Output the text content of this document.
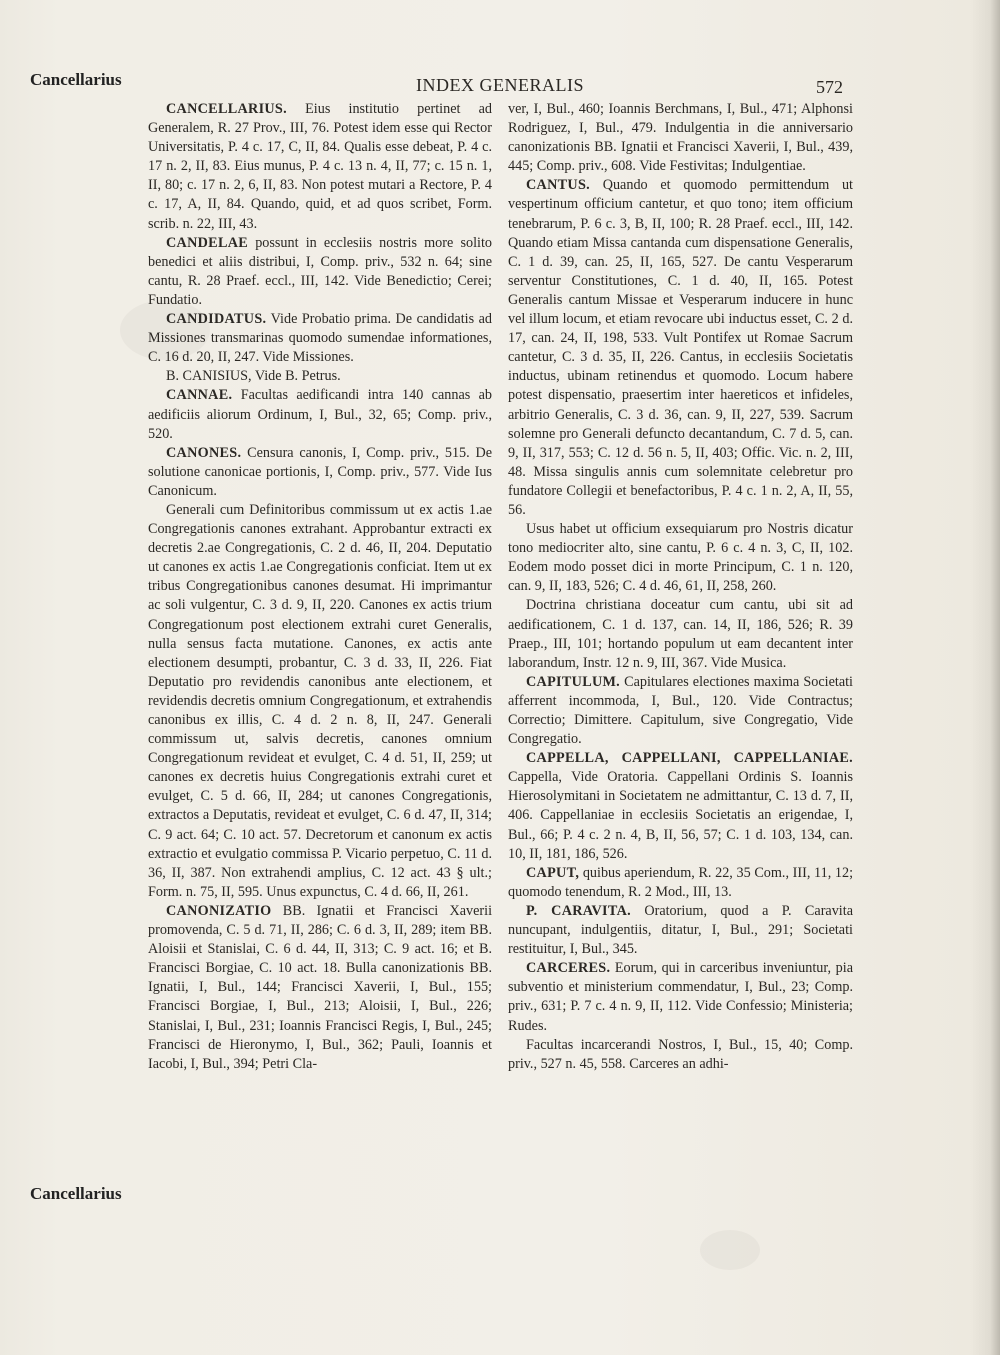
Cancellarius	INDEX GENERALIS	572

CANCELLARIUS. Eius institutio pertinet ad Generalem, R. 27 Prov., III, 76. Potest idem esse qui Rector Universitatis, P. 4 c. 17, C, II, 84. Qualis esse debeat, P. 4 c. 17 n. 2, II, 83. Eius munus, P. 4 c. 13 n. 4, II, 77; c. 15 n. 1, II, 80; c. 17 n. 2, 6, II, 83. Non potest mutari a Rectore, P. 4 c. 17, A, II, 84. Quando, quid, et ad quos scribet, Form. scrib. n. 22, III, 43.

CANDELAE possunt in ecclesiis nostris more solito benedici et aliis distribui, I, Comp. priv., 532 n. 64; sine cantu, R. 28 Praef. eccl., III, 142. Vide Benedictio; Cerei; Fundatio.

CANDIDATUS. Vide Probatio prima. De candidatis ad Missiones transmarinas quomodo sumendae informationes, C. 16 d. 20, II, 247. Vide Missiones.

B. CANISIUS, Vide B. Petrus.

CANNAE. Facultas aedificandi intra 140 cannas ab aedificiis aliorum Ordinum, I, Bul., 32, 65; Comp. priv., 520.

CANONES. Censura canonis, I, Comp. priv., 515. De solutione canonicae portionis, I, Comp. priv., 577. Vide Ius Canonicum.

Generali cum Definitoribus commissum ut ex actis 1.ae Congregationis canones extrahant. Approbantur extracti ex decretis 2.ae Congregationis, C. 2 d. 46, II, 204. Deputatio ut canones ex actis 1.ae Congregationis conficiat. Item ut ex tribus Congregationibus canones desumat. Hi imprimantur ac soli vulgentur, C. 3 d. 9, II, 220. Canones ex actis trium Congregationum post electionem extrahi curet Generalis, nulla sensus facta mutatione. Canones, ex actis ante electionem desumpti, probantur, C. 3 d. 33, II, 226. Fiat Deputatio pro revidendis canonibus ante electionem, et revidendis decretis omnium Congregationum, et extrahendis canonibus ex illis, C. 4 d. 2 n. 8, II, 247. Generali commissum ut, salvis decretis, canones omnium Congregationum revideat et evulget, C. 4 d. 51, II, 259; ut canones ex decretis huius Congregationis extrahi curet et evulget, C. 5 d. 66, II, 284; ut canones Congregationis, extractos a Deputatis, revideat et evulget, C. 6 d. 47, II, 314; C. 9 act. 64; C. 10 act. 57. Decretorum et canonum ex actis extractio et evulgatio commissa P. Vicario perpetuo, C. 11 d. 36, II, 387. Non extrahendi amplius, C. 12 act. 43 § ult.; Form. n. 75, II, 595. Unus expunctus, C. 4 d. 66, II, 261.

CANONIZATIO BB. Ignatii et Francisci Xaverii promovenda, C. 5 d. 71, II, 286; C. 6 d. 3, II, 289; item BB. Aloisii et Stanislai, C. 6 d. 44, II, 313; C. 9 act. 16; et B. Francisci Borgiae, C. 10 act. 18. Bulla canonizationis BB. Ignatii, I, Bul., 144; Francisci Xaverii, I, Bul., 155; Francisci Borgiae, I, Bul., 213; Aloisii, I, Bul., 226; Stanislai, I, Bul., 231; Ioannis Francisci Regis, I, Bul., 245; Francisci de Hieronymo, I, Bul., 362; Pauli, Ioannis et Iacobi, I, Bul., 394; Petri Cla-

ver, I, Bul., 460; Ioannis Berchmans, I, Bul., 471; Alphonsi Rodriguez, I, Bul., 479. Indulgentia in die anniversario canonizationis BB. Ignatii et Francisci Xaverii, I, Bul., 439, 445; Comp. priv., 608. Vide Festivitas; Indulgentiae.

CANTUS. Quando et quomodo permittendum ut vespertinum officium cantetur, et quo tono; item officium tenebrarum, P. 6 c. 3, B, II, 100; R. 28 Praef. eccl., III, 142. Quando etiam Missa cantanda cum dispensatione Generalis, C. 1 d. 39, can. 25, II, 165, 527. De cantu Vesperarum serventur Constitutiones, C. 1 d. 40, II, 165. Potest Generalis cantum Missae et Vesperarum inducere in hunc vel illum locum, et etiam revocare ubi inductus esset, C. 2 d. 17, can. 24, II, 198, 533. Vult Pontifex ut Romae Sacrum cantetur, C. 3 d. 35, II, 226. Cantus, in ecclesiis Societatis inductus, ubinam retinendus et quomodo. Locum habere potest dispensatio, praesertim inter haereticos et infideles, arbitrio Generalis, C. 3 d. 36, can. 9, II, 227, 539. Sacrum solemne pro Generali defuncto decantandum, C. 7 d. 5, can. 9, II, 317, 553; C. 12 d. 56 n. 5, II, 403; Offic. Vic. n. 2, III, 48. Missa singulis annis cum solemnitate celebretur pro fundatore Collegii et benefactoribus, P. 4 c. 1 n. 2, A, II, 55, 56.

Usus habet ut officium exsequiarum pro Nostris dicatur tono mediocriter alto, sine cantu, P. 6 c. 4 n. 3, C, II, 102. Eodem modo posset dici in morte Principum, C. 1 n. 120, can. 9, II, 183, 526; C. 4 d. 46, 61, II, 258, 260.

Doctrina christiana doceatur cum cantu, ubi sit ad aedificationem, C. 1 d. 137, can. 14, II, 186, 526; R. 39 Praep., III, 101; hortando populum ut eam decantent inter laborandum, Instr. 12 n. 9, III, 367. Vide Musica.

CAPITULUM. Capitulares electiones maxima Societati afferrent incommoda, I, Bul., 120. Vide Contractus; Correctio; Dimittere. Capitulum, sive Congregatio, Vide Congregatio.

CAPPELLA, CAPPELLANI, CAPPELLANIAE. Cappella, Vide Oratoria. Cappellani Ordinis S. Ioannis Hierosolymitani in Societatem ne admittantur, C. 13 d. 7, II, 406. Cappellaniae in ecclesiis Societatis an erigendae, I, Bul., 66; P. 4 c. 2 n. 4, B, II, 56, 57; C. 1 d. 103, 134, can. 10, II, 181, 186, 526.

CAPUT, quibus aperiendum, R. 22, 35 Com., III, 11, 12; quomodo tenendum, R. 2 Mod., III, 13.

P. CARAVITA. Oratorium, quod a P. Caravita nuncupant, indulgentiis, ditatur, I, Bul., 291; Societati restituitur, I, Bul., 345.

CARCERES. Eorum, qui in carceribus inveniuntur, pia subventio et ministerium commendatur, I, Bul., 23; Comp. priv., 631; P. 7 c. 4 n. 9, II, 112. Vide Confessio; Ministeria; Rudes.

Facultas incarcerandi Nostros, I, Bul., 15, 40; Comp. priv., 527 n. 45, 558. Carceres an adhi-

Cancellarius
